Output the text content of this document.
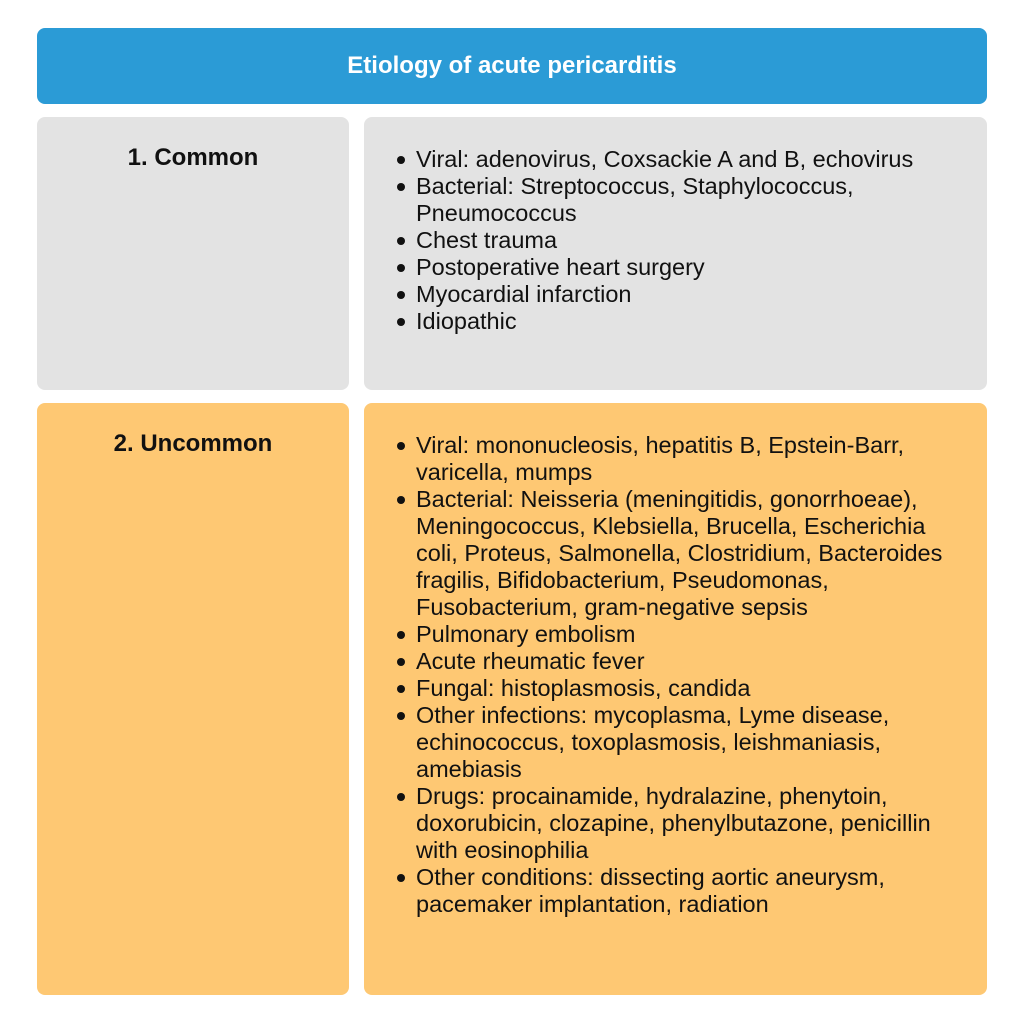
Etiology of acute pericarditis
1. Common	Viral: adenovirus, Coxsackie A and B, echovirus
Bacterial: Streptococcus, Staphylococcus, Pneumococcus
Chest trauma
Postoperative heart surgery
Myocardial infarction
Idiopathic
2. Uncommon	Viral: mononucleosis, hepatitis B, Epstein-Barr, varicella, mumps
Bacterial: Neisseria (meningitidis, gonorrhoeae), Meningococcus, Klebsiella, Brucella, Escherichia coli, Proteus, Salmonella, Clostridium, Bacteroides fragilis, Bifidobacterium, Pseudomonas, Fusobacterium, gram-negative sepsis
Pulmonary embolism
Acute rheumatic fever
Fungal: histoplasmosis, candida
Other infections: mycoplasma, Lyme disease, echinococcus, toxoplasmosis, leishmaniasis, amebiasis
Drugs: procainamide, hydralazine, phenytoin, doxorubicin, clozapine, phenylbutazone, penicillin with eosinophilia
Other conditions: dissecting aortic aneurysm, pacemaker implantation, radiation
